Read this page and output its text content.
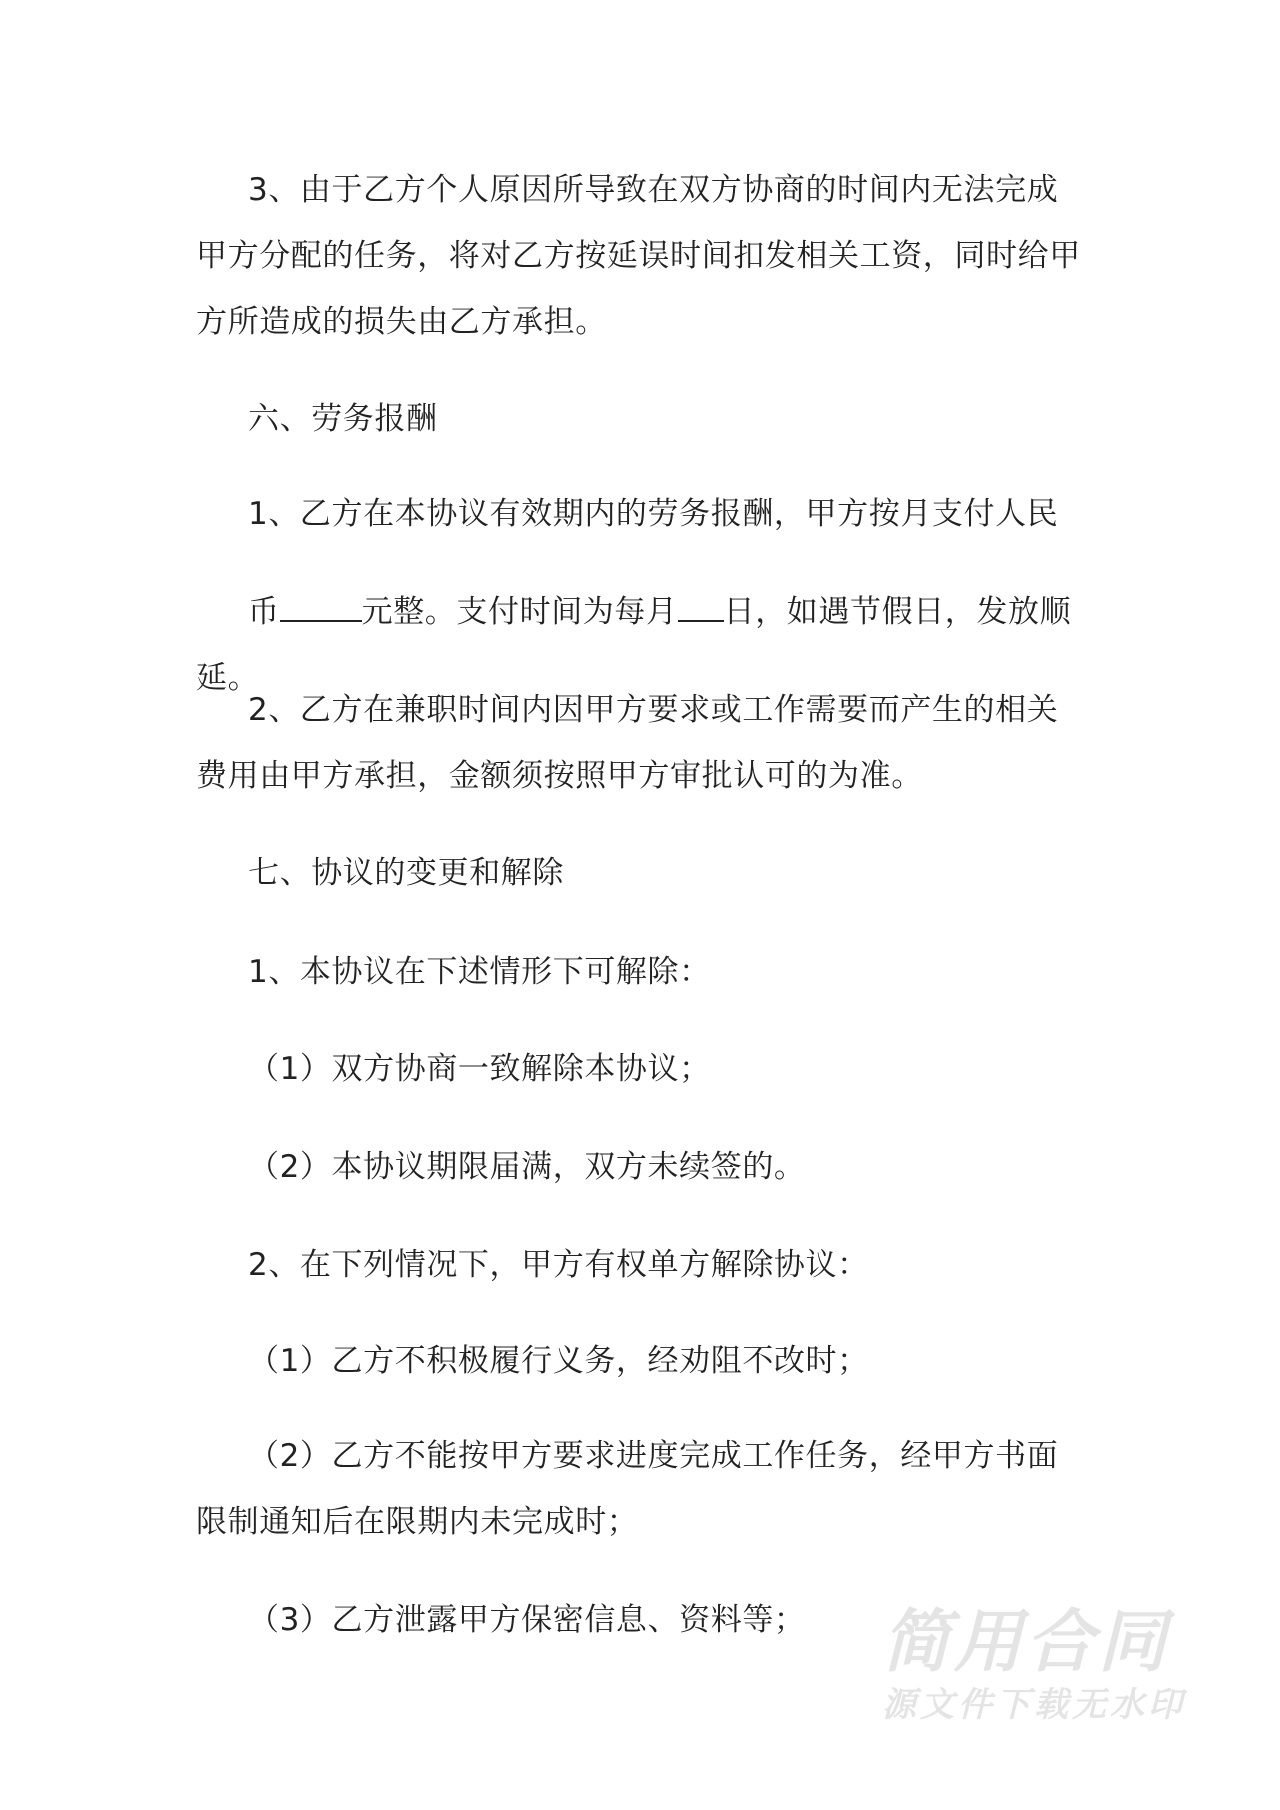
3、由于乙方个人原因所导致在双方协商的时间内无法完成甲方分配的任务，将对乙方按延误时间扣发相关工资，同时给甲方所造成的损失由乙方承担。

六、劳务报酬

1、乙方在本协议有效期内的劳务报酬，甲方按月支付人民

币	元整。支付时间为每月 日，如遇节假日，发放顺延。

2、乙方在兼职时间内因甲方要求或工作需要而产生的相关费用由甲方承担，金额须按照甲方审批认可的为准。

七、协议的变更和解除

1、本协议在下述情形下可解除：

（1）双方协商一致解除本协议；

（2）本协议期限届满，双方未续签的。

2、在下列情况下，甲方有权单方解除协议：

（1）乙方不积极履行义务，经劝阻不改时；

（2）乙方不能按甲方要求进度完成工作任务，经甲方书面限制通知后在限期内未完成时；

（3）乙方泄露甲方保密信息、资料等；	简用合同
源文件下载无水印
